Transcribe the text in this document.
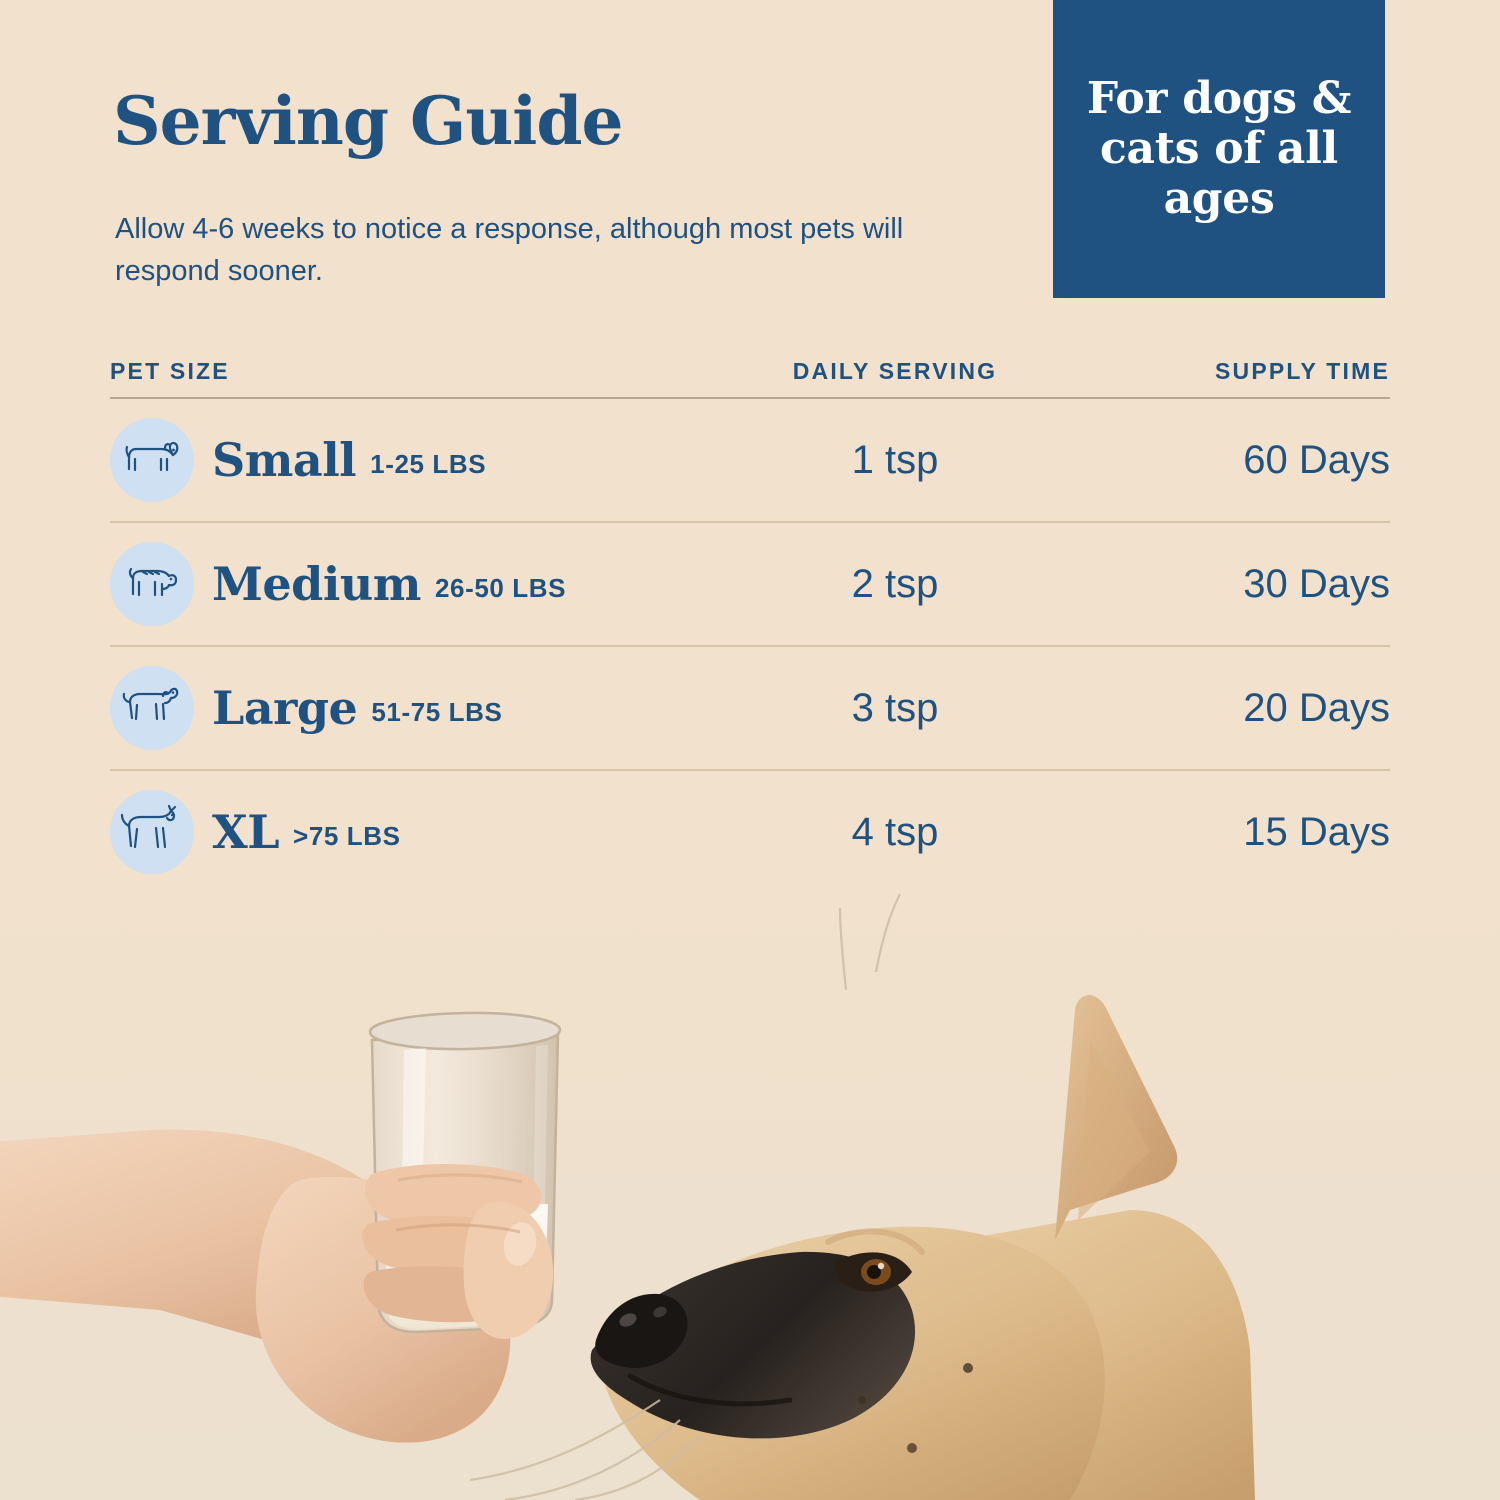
For dogs & cats of all ages
Serving Guide
Allow 4-6 weeks to notice a response, although most pets will respond sooner.
PET SIZE	DAILY SERVING	SUPPLY TIME
Small 1-25 LBS	1 tsp	60 Days
Medium 26-50 LBS	2 tsp	30 Days
Large 51-75 LBS	3 tsp	20 Days
XL >75 LBS	4 tsp	15 Days
